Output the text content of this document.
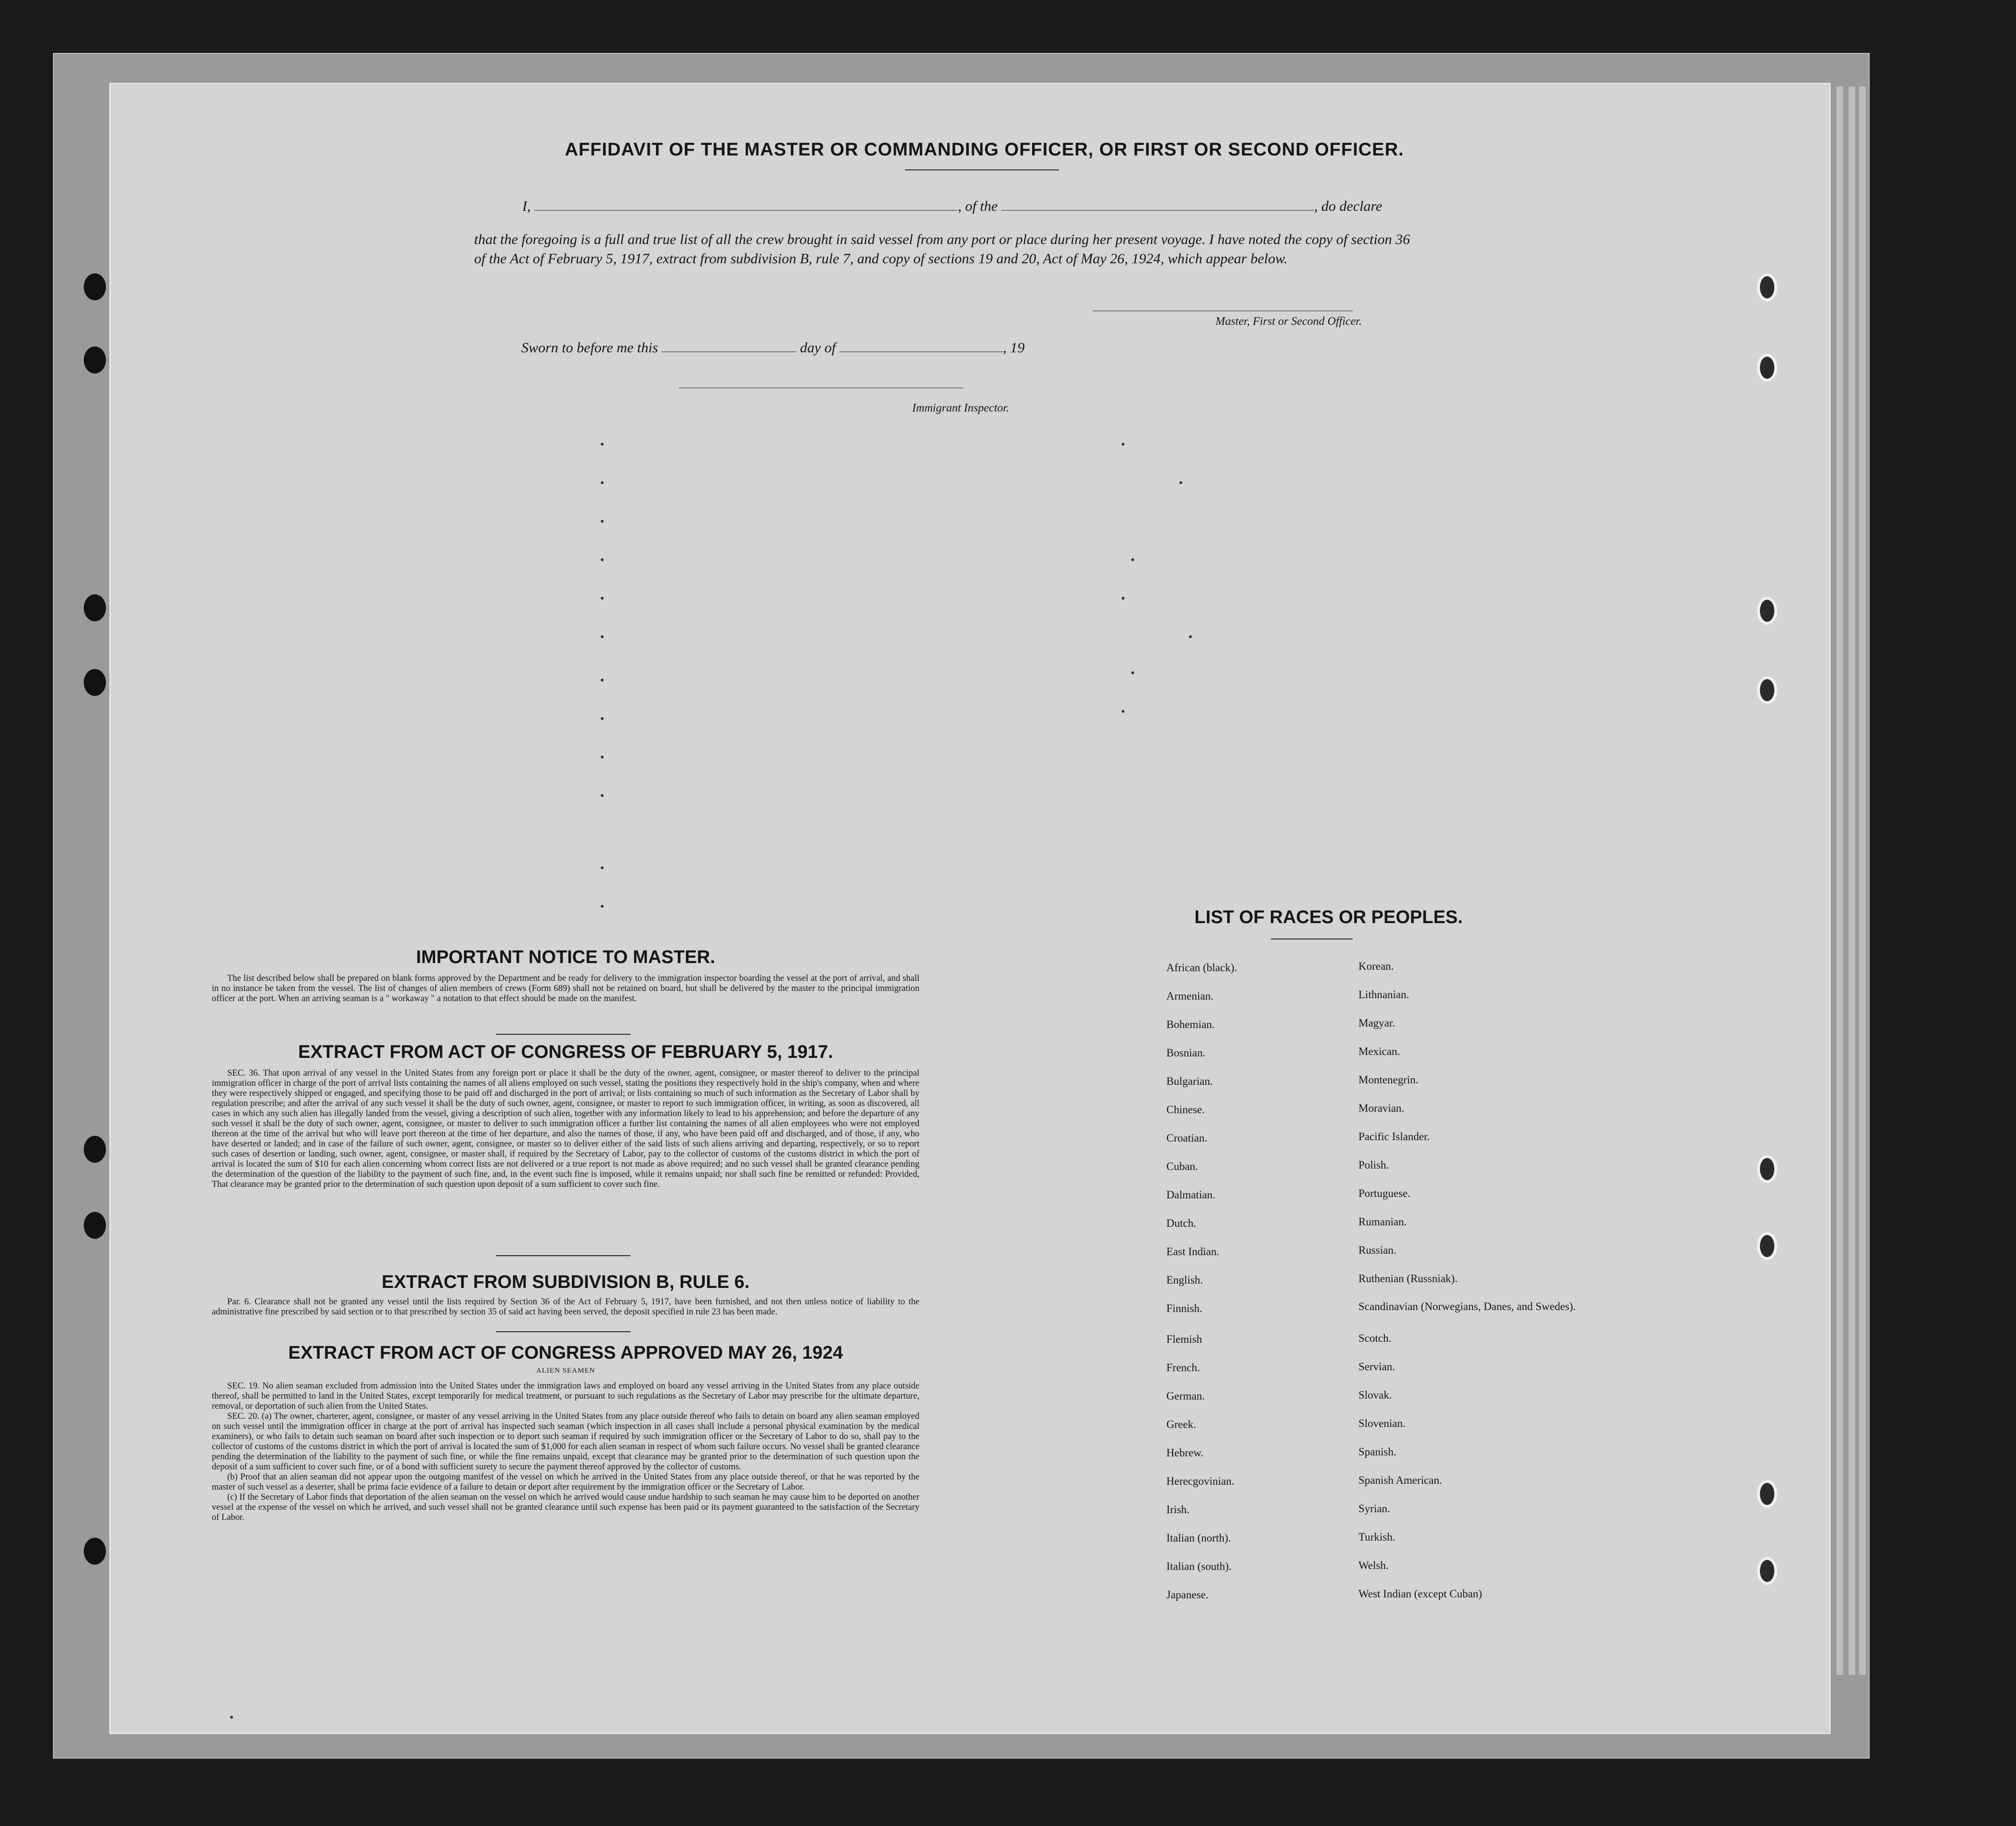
AFFIDAVIT OF THE MASTER OR COMMANDING OFFICER, OR FIRST OR SECOND OFFICER.
I,	, of the	, do declare
that the foregoing is a full and true list of all the crew brought in said vessel from any port or place during her present voyage. I have noted the copy of section 36 of the Act of February 5, 1917, extract from subdivision B, rule 7, and copy of sections 19 and 20, Act of May 26, 1924, which appear below.
Master, First or Second Officer.
Sworn to before me this	day of	, 19
Immigrant Inspector.
IMPORTANT NOTICE TO MASTER.

The list described below shall be prepared on blank forms approved by the Department and be ready for delivery to the immigration inspector boarding the vessel at the port of arrival, and shall in no instance be taken from the vessel. The list of changes of alien members of crews (Form 689) shall not be retained on board, but shall be delivered by the master to the principal immigration officer at the port. When an arriving seaman is a " workaway " a notation to that effect should be made on the manifest.

EXTRACT FROM ACT OF CONGRESS OF FEBRUARY 5, 1917.

SEC. 36. That upon arrival of any vessel in the United States from any foreign port or place it shall be the duty of the owner, agent, consignee, or master thereof to deliver to the principal immigration officer in charge of the port of arrival lists containing the names of all aliens employed on such vessel, stating the positions they respectively hold in the ship's company, when and where they were respectively shipped or engaged, and specifying those to be paid off and discharged in the port of arrival; or lists containing so much of such information as the Secretary of Labor shall by regulation prescribe; and after the arrival of any such vessel it shall be the duty of such owner, agent, consignee, or master to report to such immigration officer, in writing, as soon as discovered, all cases in which any such alien has illegally landed from the vessel, giving a description of such alien, together with any information likely to lead to his apprehension; and before the departure of any such vessel it shall be the duty of such owner, agent, consignee, or master to deliver to such immigration officer a further list containing the names of all alien employees who were not employed thereon at the time of the arrival but who will leave port thereon at the time of her departure, and also the names of those, if any, who have been paid off and discharged, and of those, if any, who have deserted or landed; and in case of the failure of such owner, agent, consignee, or master so to deliver either of the said lists of such aliens arriving and departing, respectively, or so to report such cases of desertion or landing, such owner, agent, consignee, or master shall, if required by the Secretary of Labor, pay to the collector of customs of the customs district in which the port of arrival is located the sum of $10 for each alien concerning whom correct lists are not delivered or a true report is not made as above required; and no such vessel shall be granted clearance pending the determination of the question of the liability to the payment of such fine, and, in the event such fine is imposed, while it remains unpaid; nor shall such fine be remitted or refunded: Provided, That clearance may be granted prior to the determination of such question upon deposit of a sum sufficient to cover such fine.

EXTRACT FROM SUBDIVISION B, RULE 6.

Par. 6. Clearance shall not be granted any vessel until the lists required by Section 36 of the Act of February 5, 1917, have been furnished, and not then unless notice of liability to the administrative fine prescribed by said section or to that prescribed by section 35 of said act having been served, the deposit specified in rule 23 has been made.

EXTRACT FROM ACT OF CONGRESS APPROVED MAY 26, 1924
ALIEN SEAMEN

SEC. 19. No alien seaman excluded from admission into the United States under the immigration laws and employed on board any vessel arriving in the United States from any place outside thereof, shall be permitted to land in the United States, except temporarily for medical treatment, or pursuant to such regulations as the Secretary of Labor may prescribe for the ultimate departure, removal, or deportation of such alien from the United States.

SEC. 20. (a) The owner, charterer, agent, consignee, or master of any vessel arriving in the United States from any place outside thereof who fails to detain on board any alien seaman employed on such vessel until the immigration officer in charge at the port of arrival has inspected such seaman (which inspection in all cases shall include a personal physical examination by the medical examiners), or who fails to detain such seaman on board after such inspection or to deport such seaman if required by such immigration officer or the Secretary of Labor to do so, shall pay to the collector of customs of the customs district in which the port of arrival is located the sum of $1,000 for each alien seaman in respect of whom such failure occurs. No vessel shall be granted clearance pending the determination of the liability to the payment of such fine, or while the fine remains unpaid, except that clearance may be granted prior to the determination of such question upon the deposit of a sum sufficient to cover such fine, or of a bond with sufficient surety to secure the payment thereof approved by the collector of customs.

(b) Proof that an alien seaman did not appear upon the outgoing manifest of the vessel on which he arrived in the United States from any place outside thereof, or that he was reported by the master of such vessel as a deserter, shall be prima facie evidence of a failure to detain or deport after requirement by the immigration officer or the Secretary of Labor.

(c) If the Secretary of Labor finds that deportation of the alien seaman on the vessel on which he arrived would cause undue hardship to such seaman he may cause him to be deported on another vessel at the expense of the vessel on which he arrived, and such vessel shall not be granted clearance until such expense has been paid or its payment guaranteed to the satisfaction of the Secretary of Labor.

LIST OF RACES OR PEOPLES.
African (black).
Armenian.
Bohemian.
Bosnian.
Bulgarian.
Chinese.
Croatian.
Cuban.
Dalmatian.
Dutch.
East Indian.
English.
Finnish.
Flemish
French.
German.
Greek.
Hebrew.
Herecgovinian.
Irish.
Italian (north).
Italian (south).
Japanese.
Korean.
Lithnanian.
Magyar.
Mexican.
Montenegrin.
Moravian.
Pacific Islander.
Polish.
Portuguese.
Rumanian.
Russian.
Ruthenian (Russniak).
Scandinavian (Norwegians, Danes, and Swedes).
Scotch.
Servian.
Slovak.
Slovenian.
Spanish.
Spanish American.
Syrian.
Turkish.
Welsh.
West Indian (except Cuban)
